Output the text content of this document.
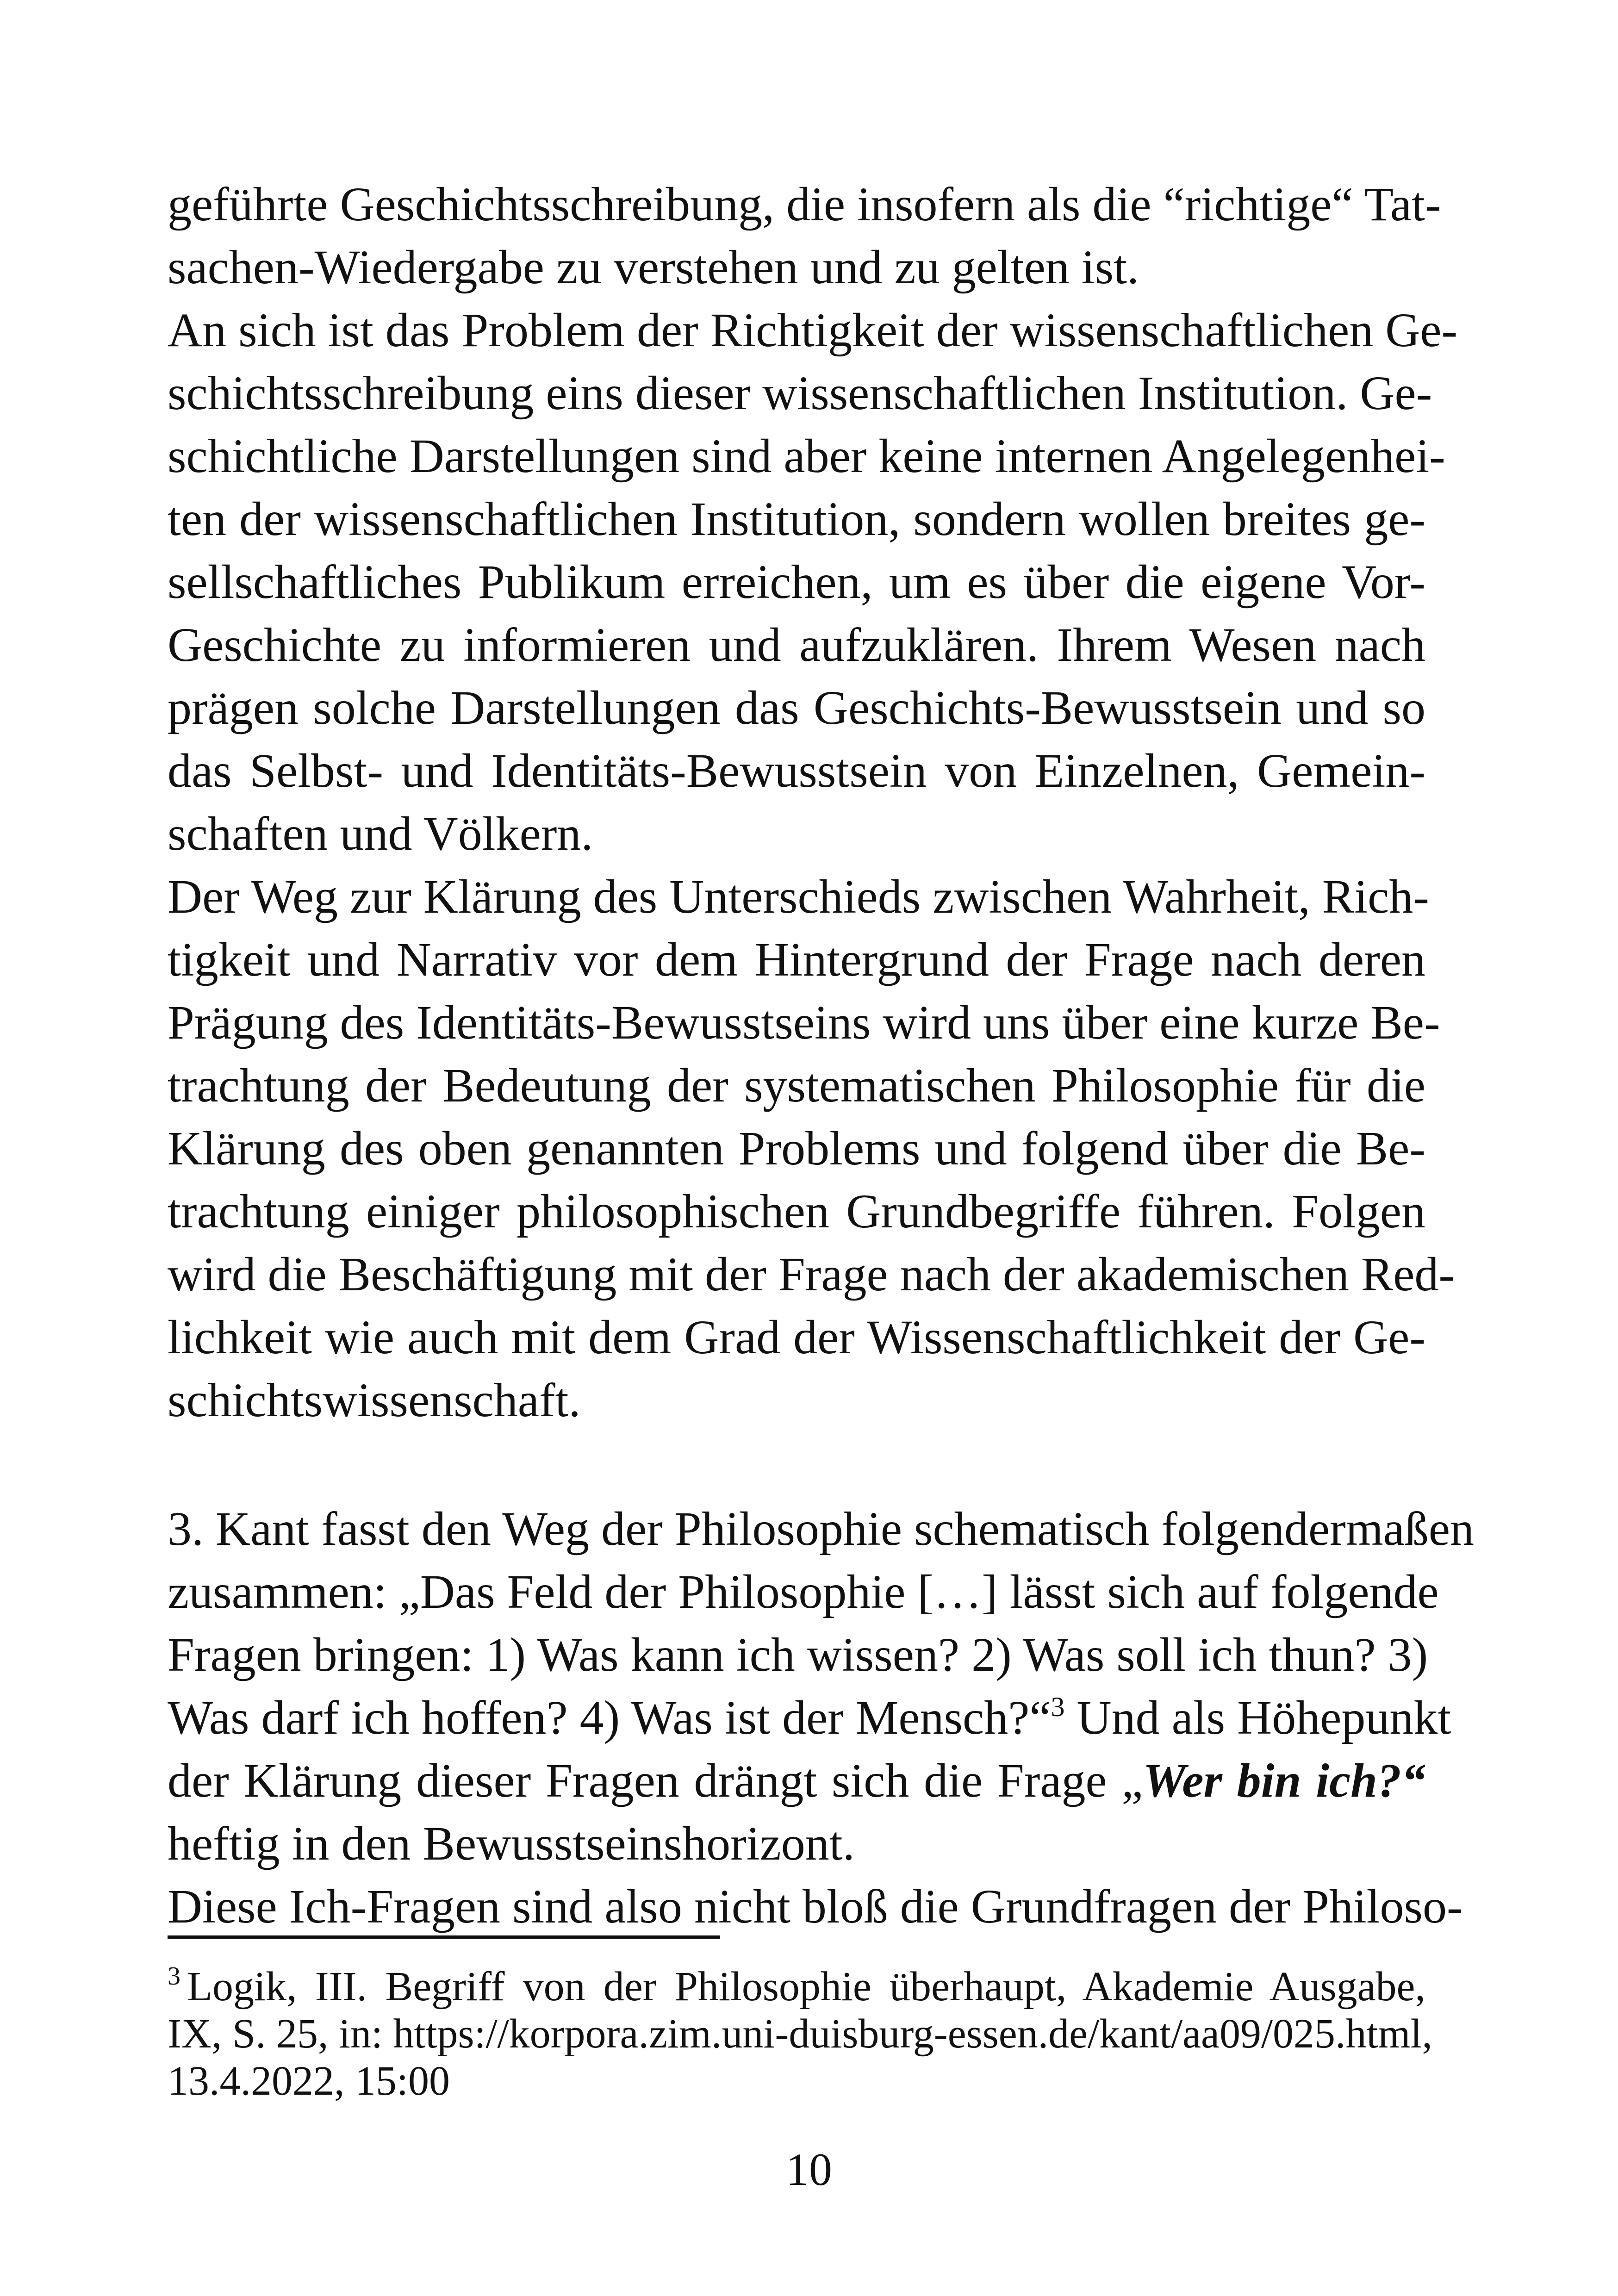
geführte Geschichtsschreibung, die insofern als die “richtige“ Tat-
sachen-Wiedergabe zu verstehen und zu gelten ist.
An sich ist das Problem der Richtigkeit der wissenschaftlichen Ge-
schichtsschreibung eins dieser wissenschaftlichen Institution. Ge-
schichtliche Darstellungen sind aber keine internen Angelegenhei-
ten der wissenschaftlichen Institution, sondern wollen breites ge-
sellschaftliches Publikum erreichen, um es über die eigene Vor-
Geschichte zu informieren und aufzuklären. Ihrem Wesen nach
prägen solche Darstellungen das Geschichts-Bewusstsein und so
das Selbst- und Identitäts-Bewusstsein von Einzelnen, Gemein-
schaften und Völkern.
Der Weg zur Klärung des Unterschieds zwischen Wahrheit, Rich-
tigkeit und Narrativ vor dem Hintergrund der Frage nach deren
Prägung des Identitäts-Bewusstseins wird uns über eine kurze Be-
trachtung der Bedeutung der systematischen Philosophie für die
Klärung des oben genannten Problems und folgend über die Be-
trachtung einiger philosophischen Grundbegriffe führen. Folgen
wird die Beschäftigung mit der Frage nach der akademischen Red-
lichkeit wie auch mit dem Grad der Wissenschaftlichkeit der Ge-
schichtswissenschaft.
3. Kant fasst den Weg der Philosophie schematisch folgendermaßen
zusammen: „Das Feld der Philosophie […] lässt sich auf folgende
Fragen bringen: 1) Was kann ich wissen? 2) Was soll ich thun? 3)
Was darf ich hoffen? 4) Was ist der Mensch?“$^3$ Und als Höhepunkt
der Klärung dieser Fragen drängt sich die Frage „Wer bin ich?“
heftig in den Bewusstseinshorizont.
Diese Ich-Fragen sind also nicht bloß die Grundfragen der Philoso-
$^3$ Logik, III. Begriff von der Philosophie überhaupt, Akademie Ausgabe,
IX, S. 25, in: https://korpora.zim.uni-duisburg-essen.de/kant/aa09/025.html,
13.4.2022, 15:00
10
